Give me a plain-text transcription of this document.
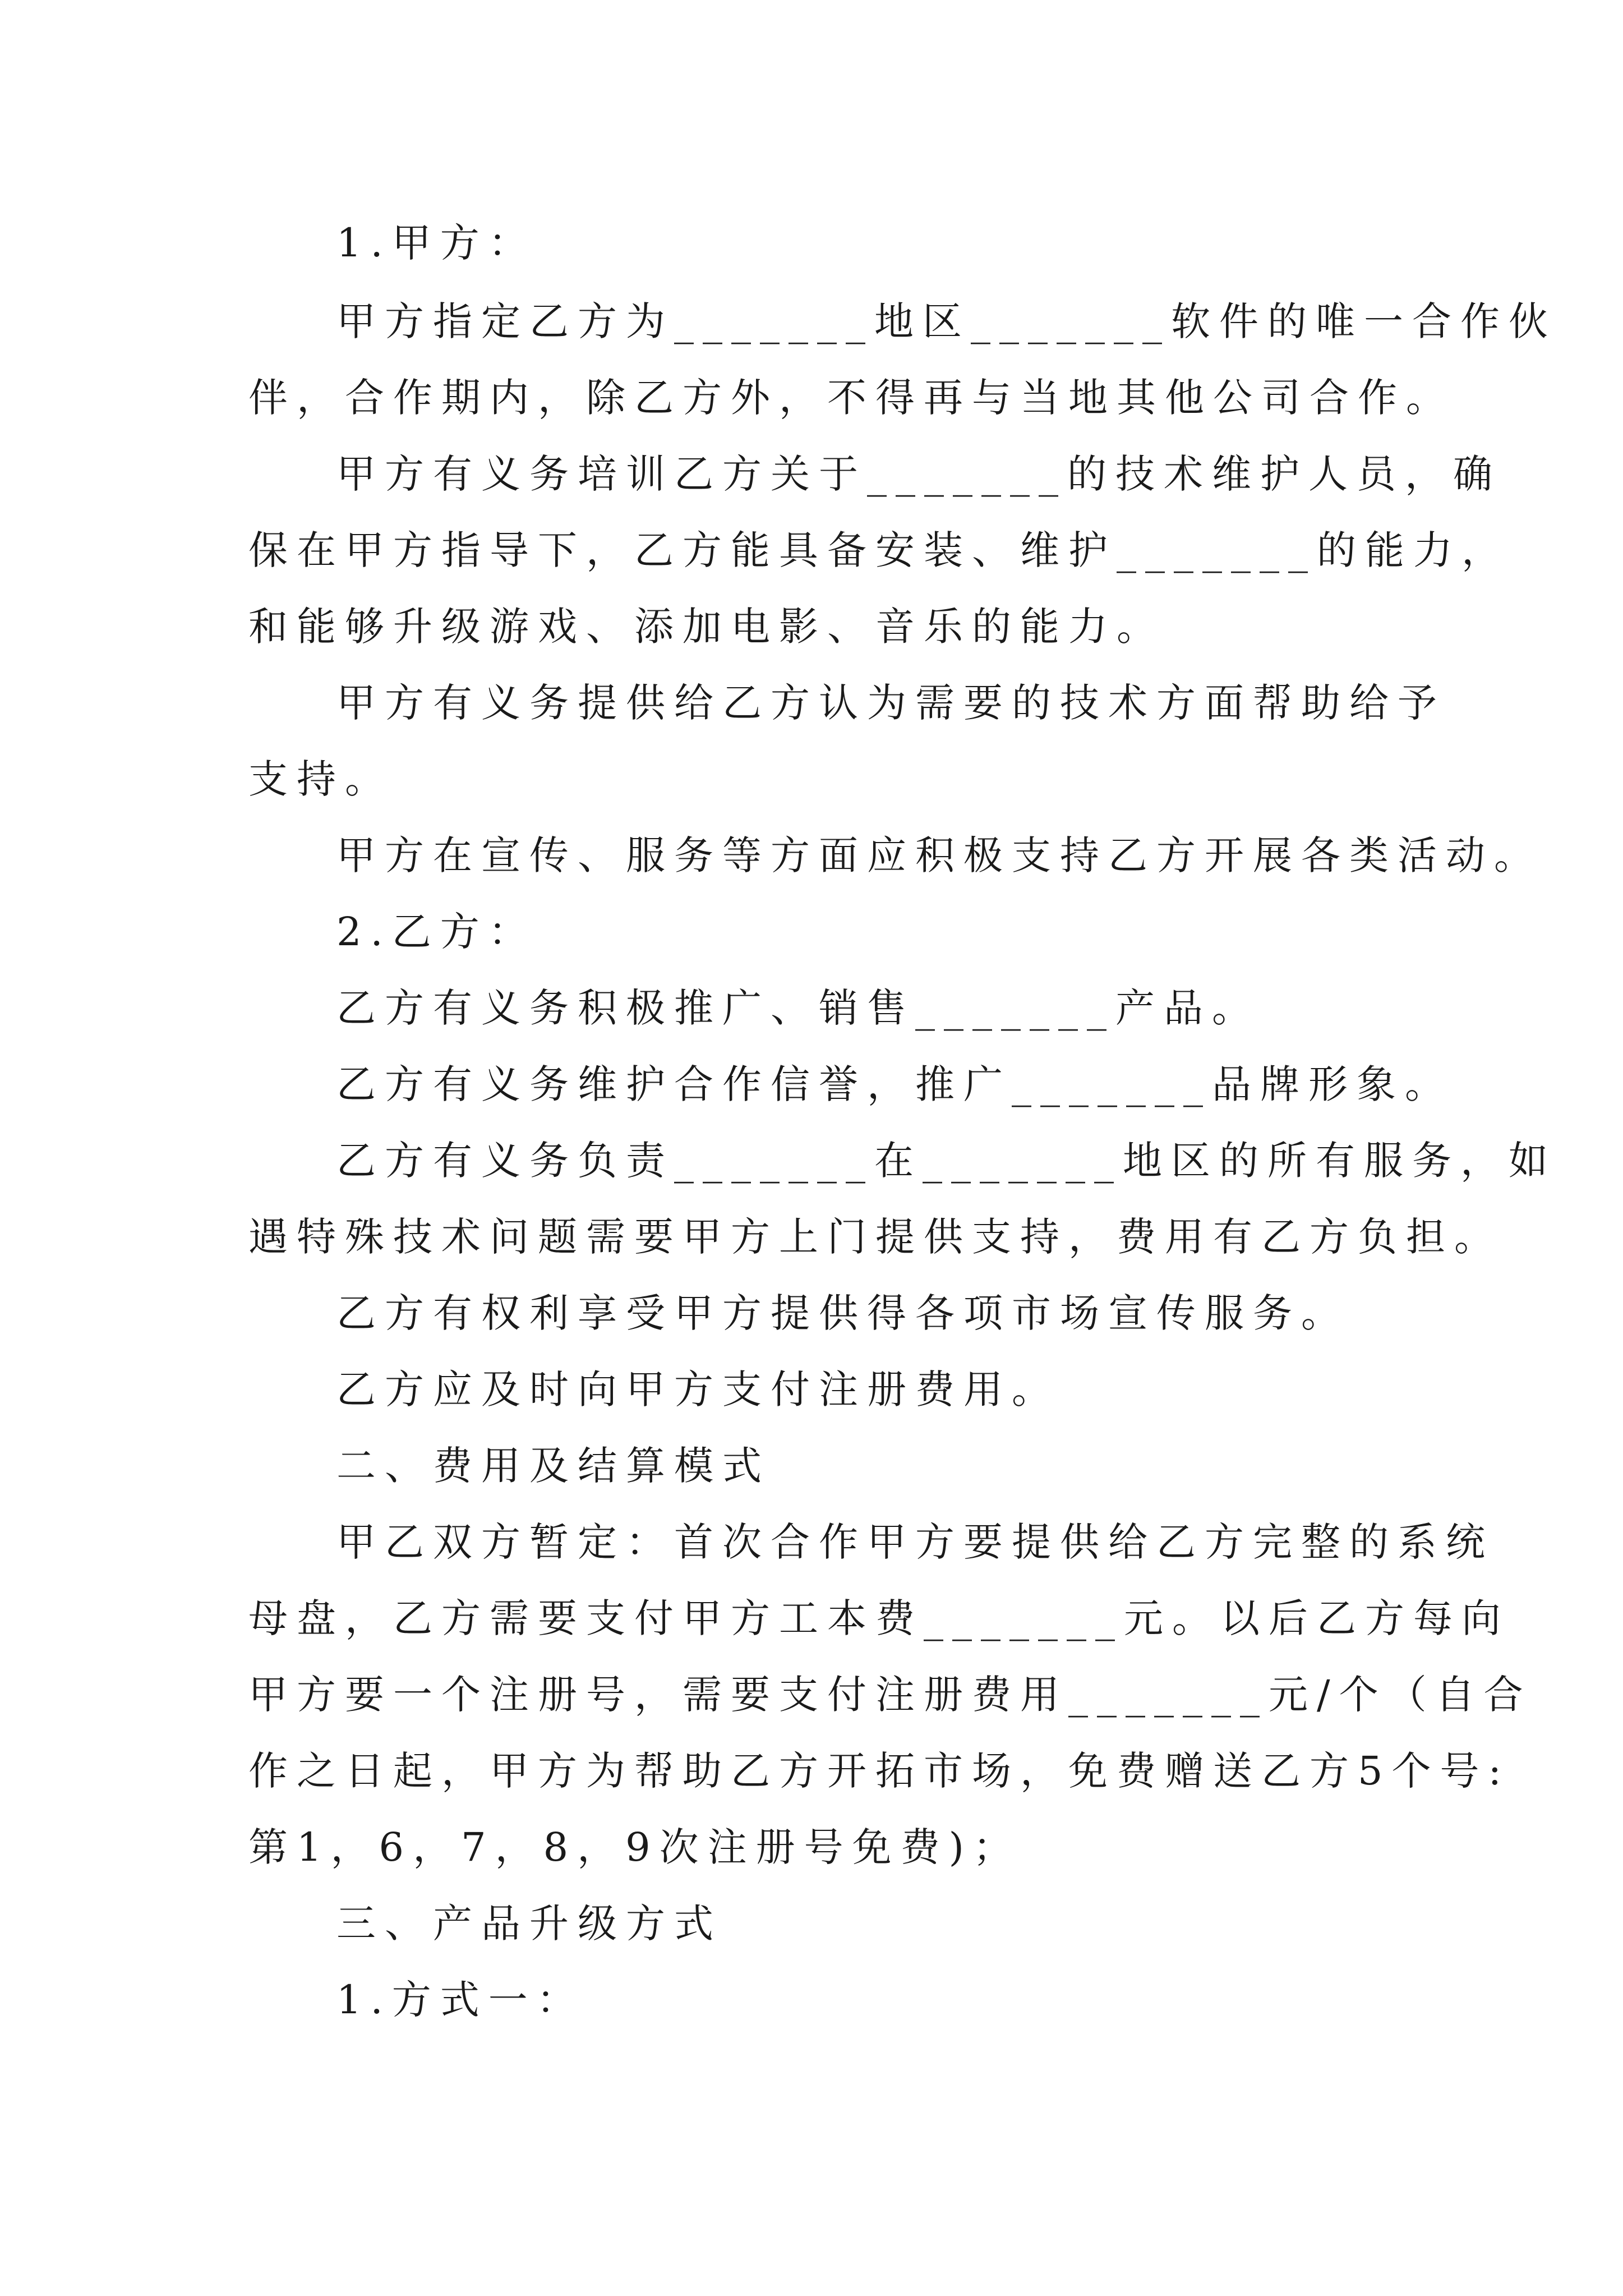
1.甲方：
甲方指定乙方为_______地区_______软件的唯一合作伙
伴，合作期内，除乙方外，不得再与当地其他公司合作。
甲方有义务培训乙方关于_______的技术维护人员，确
保在甲方指导下，乙方能具备安装、维护_______的能力，
和能够升级游戏、添加电影、音乐的能力。
甲方有义务提供给乙方认为需要的技术方面帮助给予
支持。
甲方在宣传、服务等方面应积极支持乙方开展各类活动。
2.乙方：
乙方有义务积极推广、销售_______产品。
乙方有义务维护合作信誉，推广_______品牌形象。
乙方有义务负责_______在_______地区的所有服务，如
遇特殊技术问题需要甲方上门提供支持，费用有乙方负担。
乙方有权利享受甲方提供得各项市场宣传服务。
乙方应及时向甲方支付注册费用。
二、费用及结算模式
甲乙双方暂定：首次合作甲方要提供给乙方完整的系统
母盘，乙方需要支付甲方工本费_______元。以后乙方每向
甲方要一个注册号，需要支付注册费用_______元/个（自合
作之日起，甲方为帮助乙方开拓市场，免费赠送乙方5个号:
第1，6，7，8，9次注册号免费)；
三、产品升级方式
1.方式一：
